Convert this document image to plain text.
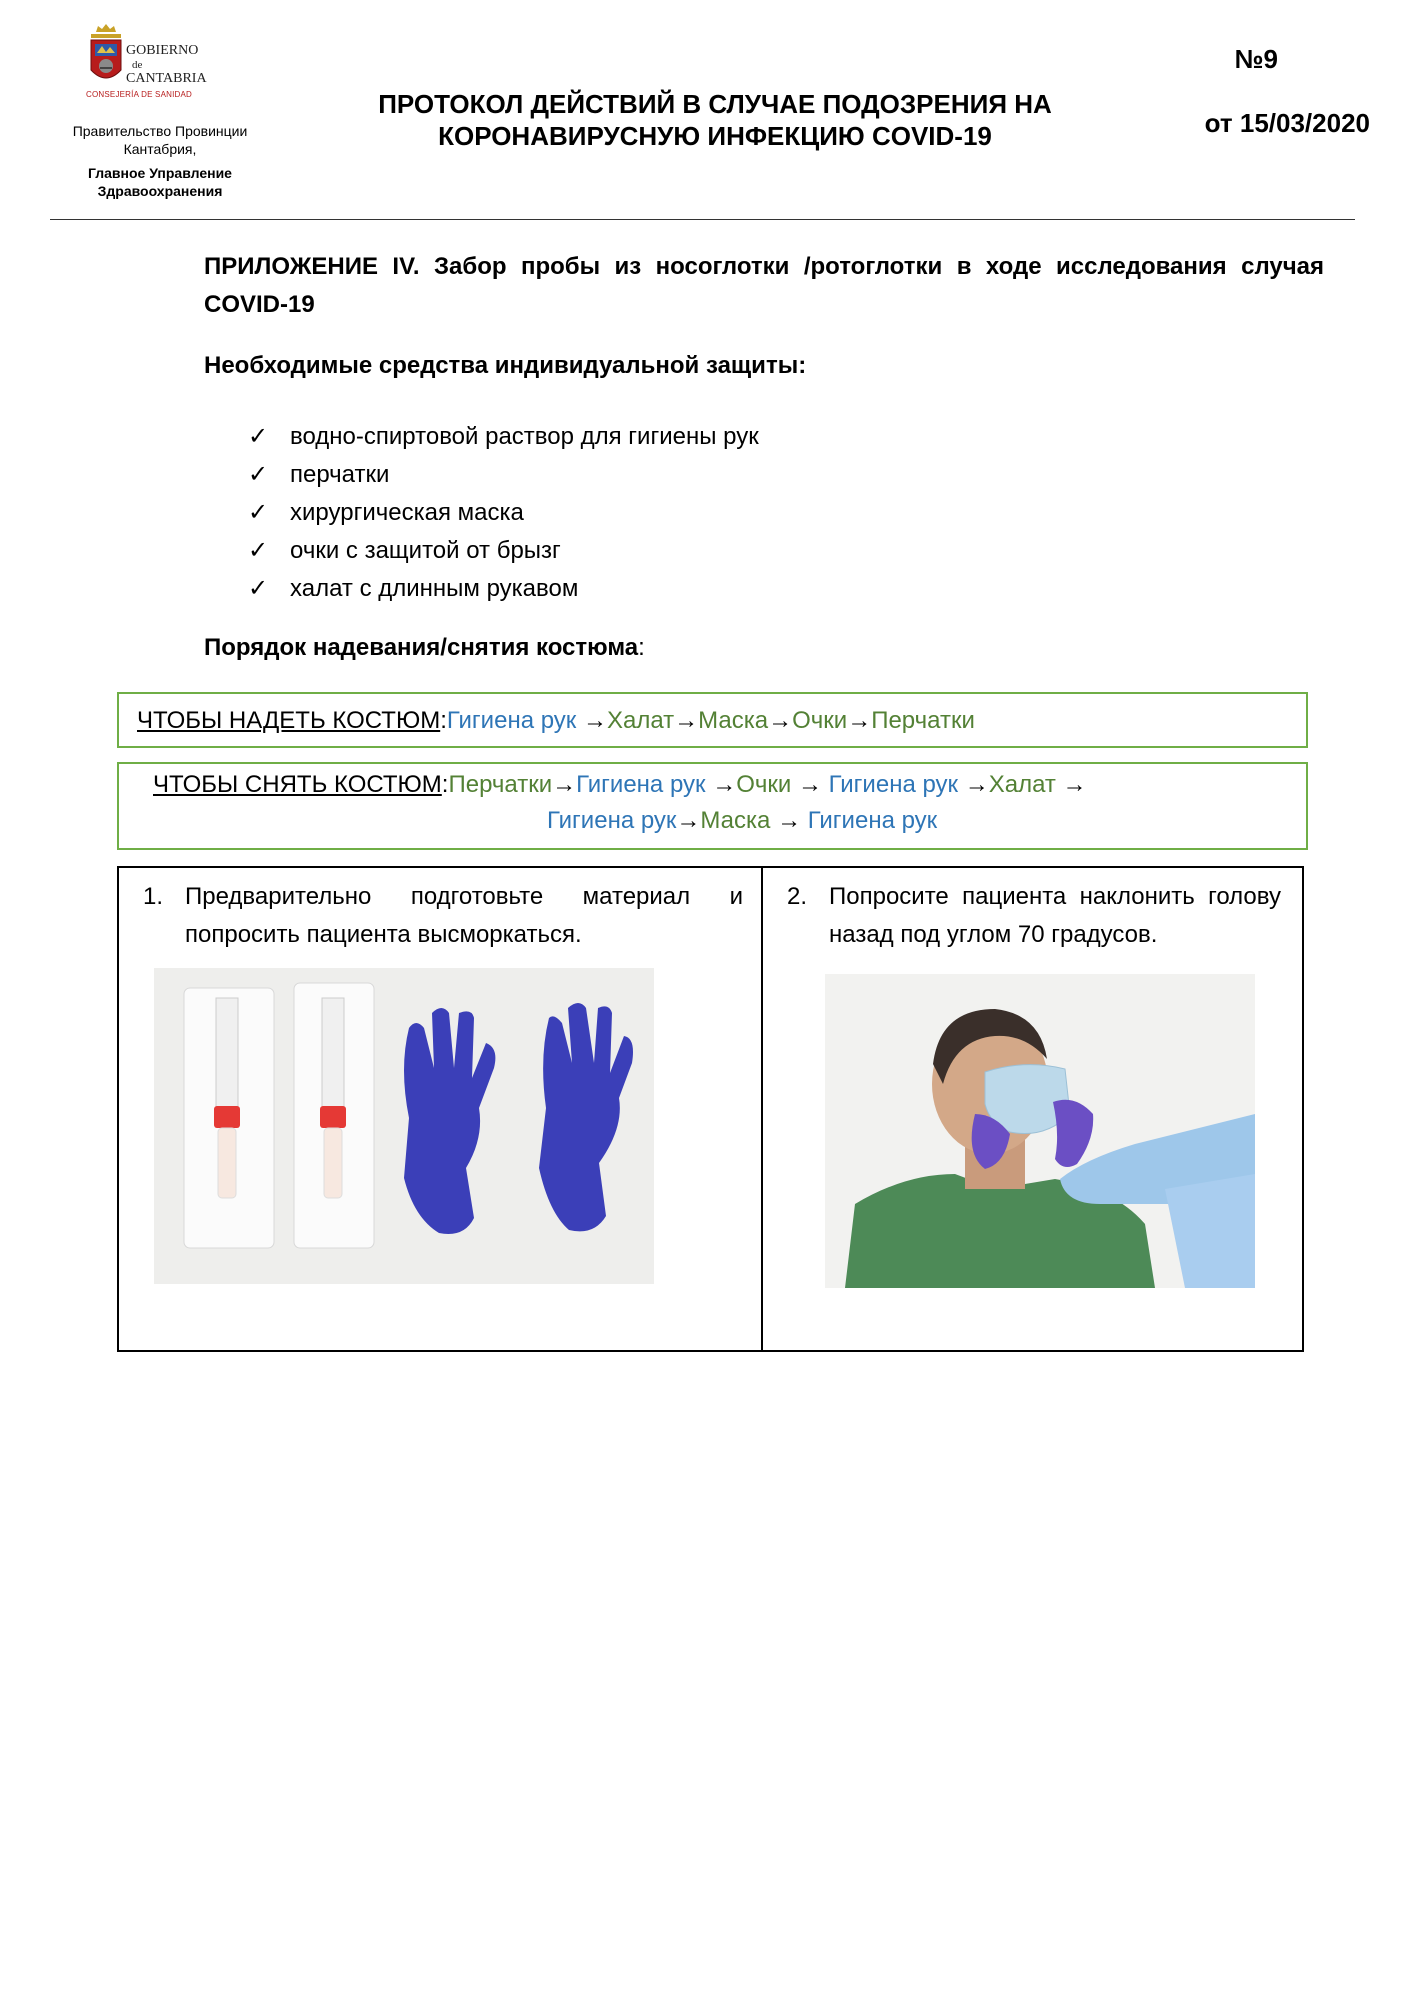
GOBIERNO
de
CANTABRIA
CONSEJERÍA DE SANIDAD
Правительство Провинции
Кантабрия,
Главное Управление
Здравоохранения
ПРОТОКОЛ ДЕЙСТВИЙ В СЛУЧАЕ ПОДОЗРЕНИЯ НА
КОРОНАВИРУСНУЮ ИНФЕКЦИЮ COVID-19
№9
от 15/03/2020
ПРИЛОЖЕНИЕ IV. Забор пробы из носоглотки /ротоглотки в ходе исследования случая
COVID-19
Необходимые средства индивидуальной защиты:
✓ водно-спиртовой раствор для гигиены рук
✓ перчатки
✓ хирургическая маска
✓ очки с защитой от брызг
✓ халат с длинным рукавом
Порядок надевания/снятия костюма:
ЧТОБЫ НАДЕТЬ КОСТЮМ:Гигиена рук →Халат→Маска→Очки→Перчатки
ЧТОБЫ СНЯТЬ КОСТЮМ:Перчатки→Гигиена рук →Очки → Гигиена рук →Халат →
Гигиена рук→Маска → Гигиена рук
1. Предварительно подготовьте материал и попросить пациента высморкаться.
2. Попросите пациента наклонить голову назад под углом 70 градусов.
